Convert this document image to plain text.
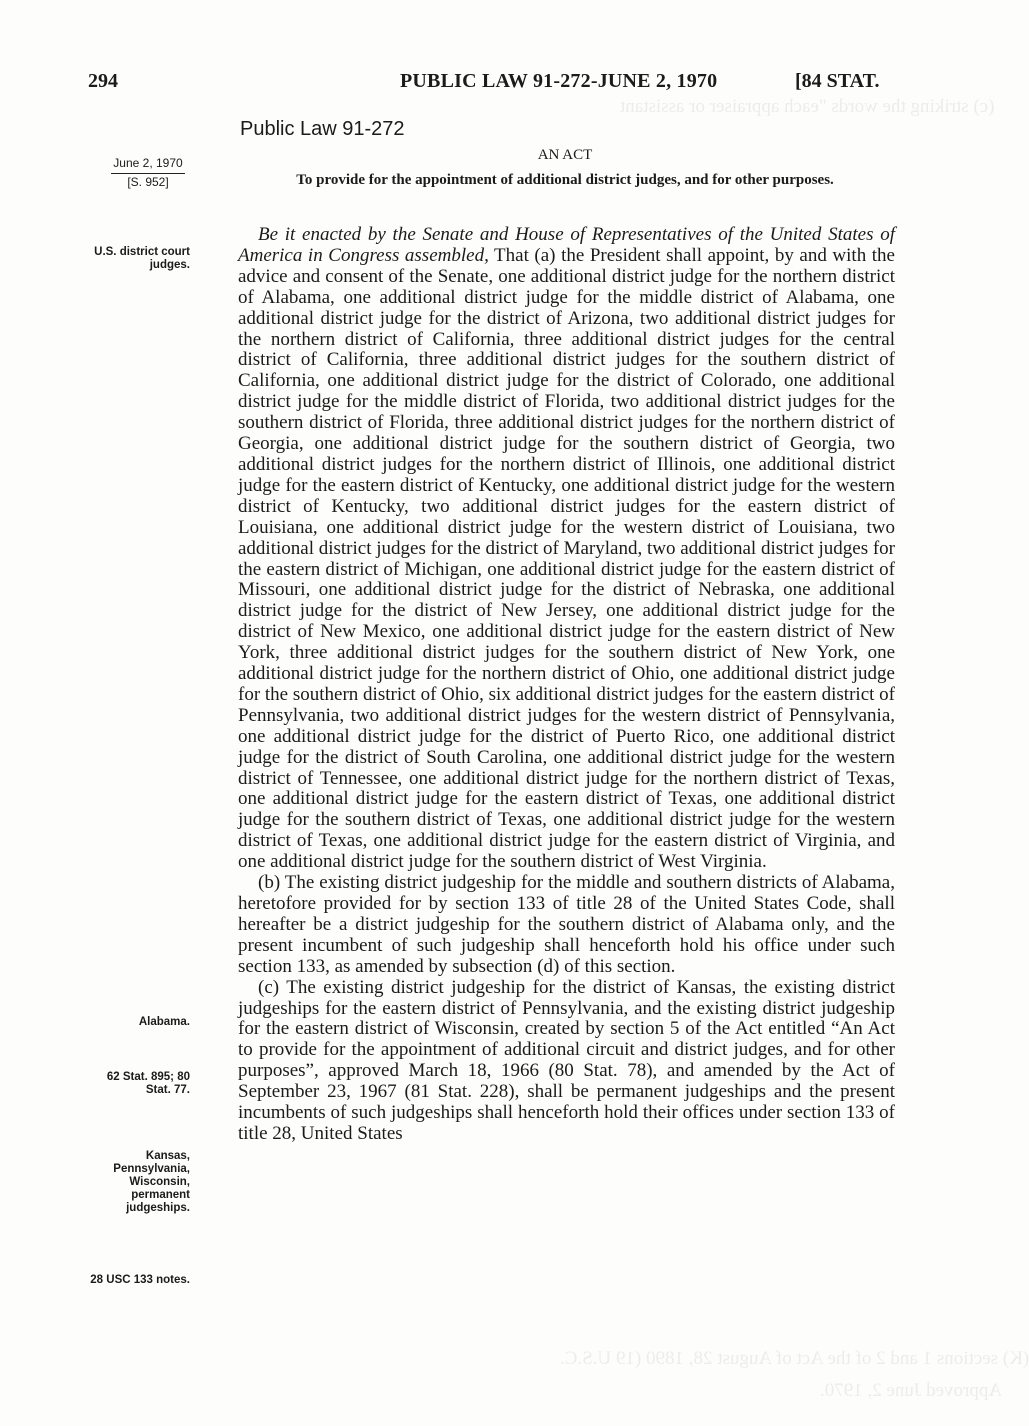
(c) striking the words "each appraiser or assistant
(K) sections 1 and 2 of the Act of August 28, 1890 (19 U.S.C.
Approved June 2, 1970.
294	PUBLIC LAW 91-272-JUNE 2, 1970	[84 STAT.
Public Law 91-272
AN ACT
To provide for the appointment of additional district judges, and for other purposes.
June 2, 1970
[S. 952]
U.S. district court judges.
Alabama.
62 Stat. 895; 80 Stat. 77.
Kansas, Pennsylvania, Wisconsin, permanent judgeships.
28 USC 133 notes.

Be it enacted by the Senate and House of Representatives of the United States of America in Congress assembled, That (a) the President shall appoint, by and with the advice and consent of the Senate, one additional district judge for the northern district of Alabama, one additional district judge for the middle district of Alabama, one additional district judge for the district of Arizona, two additional district judges for the northern district of California, three additional district judges for the central district of California, three additional district judges for the southern district of California, one additional district judge for the district of Colorado, one additional district judge for the middle district of Florida, two additional district judges for the southern district of Florida, three additional district judges for the northern district of Georgia, one additional district judge for the southern district of Georgia, two additional district judges for the northern district of Illinois, one additional district judge for the eastern district of Kentucky, one additional district judge for the western district of Kentucky, two additional district judges for the eastern district of Louisiana, one additional district judge for the western district of Louisiana, two additional district judges for the district of Maryland, two additional district judges for the eastern district of Michigan, one additional district judge for the eastern district of Missouri, one additional district judge for the district of Nebraska, one additional district judge for the district of New Jersey, one additional district judge for the district of New Mexico, one additional district judge for the eastern district of New York, three additional district judges for the southern district of New York, one additional district judge for the northern district of Ohio, one additional district judge for the southern district of Ohio, six additional district judges for the eastern district of Pennsylvania, two additional district judges for the western district of Pennsylvania, one additional district judge for the district of Puerto Rico, one additional district judge for the district of South Carolina, one additional district judge for the western district of Tennessee, one additional district judge for the northern district of Texas, one additional district judge for the eastern district of Texas, one additional district judge for the southern district of Texas, one additional district judge for the western district of Texas, one additional district judge for the eastern district of Virginia, and one additional district judge for the southern district of West Virginia.

(b) The existing district judgeship for the middle and southern districts of Alabama, heretofore provided for by section 133 of title 28 of the United States Code, shall hereafter be a district judgeship for the southern district of Alabama only, and the present incumbent of such judgeship shall henceforth hold his office under such section 133, as amended by subsection (d) of this section.

(c) The existing district judgeship for the district of Kansas, the existing district judgeships for the eastern district of Pennsylvania, and the existing district judgeship for the eastern district of Wisconsin, created by section 5 of the Act entitled “An Act to provide for the appointment of additional circuit and district judges, and for other purposes”, approved March 18, 1966 (80 Stat. 78), and amended by the Act of September 23, 1967 (81 Stat. 228), shall be permanent judgeships and the present incumbents of such judgeships shall henceforth hold their offices under section 133 of title 28, United States
